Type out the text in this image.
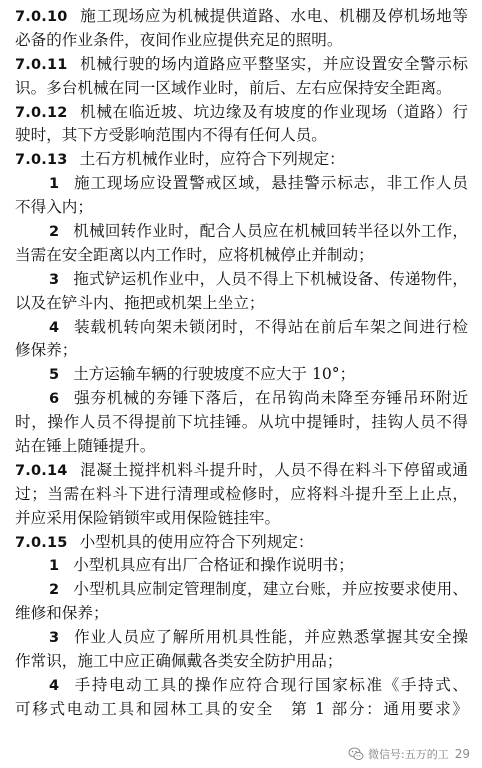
7.0.10 施工现场应为机械提供道路、水电、机棚及停机场地等
必备的作业条件，夜间作业应提供充足的照明。
7.0.11 机械行驶的场内道路应平整坚实，并应设置安全警示标
识。多台机械在同一区域作业时，前后、左右应保持安全距离。
7.0.12 机械在临近坡、坑边缘及有坡度的作业现场（道路）行
驶时，其下方受影响范围内不得有任何人员。
7.0.13 土石方机械作业时，应符合下列规定：
1 施工现场应设置警戒区域，悬挂警示标志，非工作人员
不得入内；
2 机械回转作业时，配合人员应在机械回转半径以外工作，
当需在安全距离以内工作时，应将机械停止并制动；
3 拖式铲运机作业中，人员不得上下机械设备、传递物件，
以及在铲斗内、拖把或机架上坐立；
4 装载机转向架未锁闭时，不得站在前后车架之间进行检
修保养；
5 土方运输车辆的行驶坡度不应大于 10°；
6 强夯机械的夯锤下落后，在吊钩尚未降至夯锤吊环附近
时，操作人员不得提前下坑挂锤。从坑中提锤时，挂钩人员不得
站在锤上随锤提升。
7.0.14 混凝土搅拌机料斗提升时，人员不得在料斗下停留或通
过；当需在料斗下进行清理或检修时，应将料斗提升至上止点，
并应采用保险销锁牢或用保险链挂牢。
7.0.15 小型机具的使用应符合下列规定：
1 小型机具应有出厂合格证和操作说明书；
2 小型机具应制定管理制度，建立台账，并应按要求使用、
维修和保养；
3 作业人员应了解所用机具性能，并应熟悉掌握其安全操
作常识，施工中应正确佩戴各类安全防护用品；
4 手持电动工具的操作应符合现行国家标准《手持式、
可移式电动工具和园林工具的安全　第 1 部分：通用要求》
微信号:五万的工 29
